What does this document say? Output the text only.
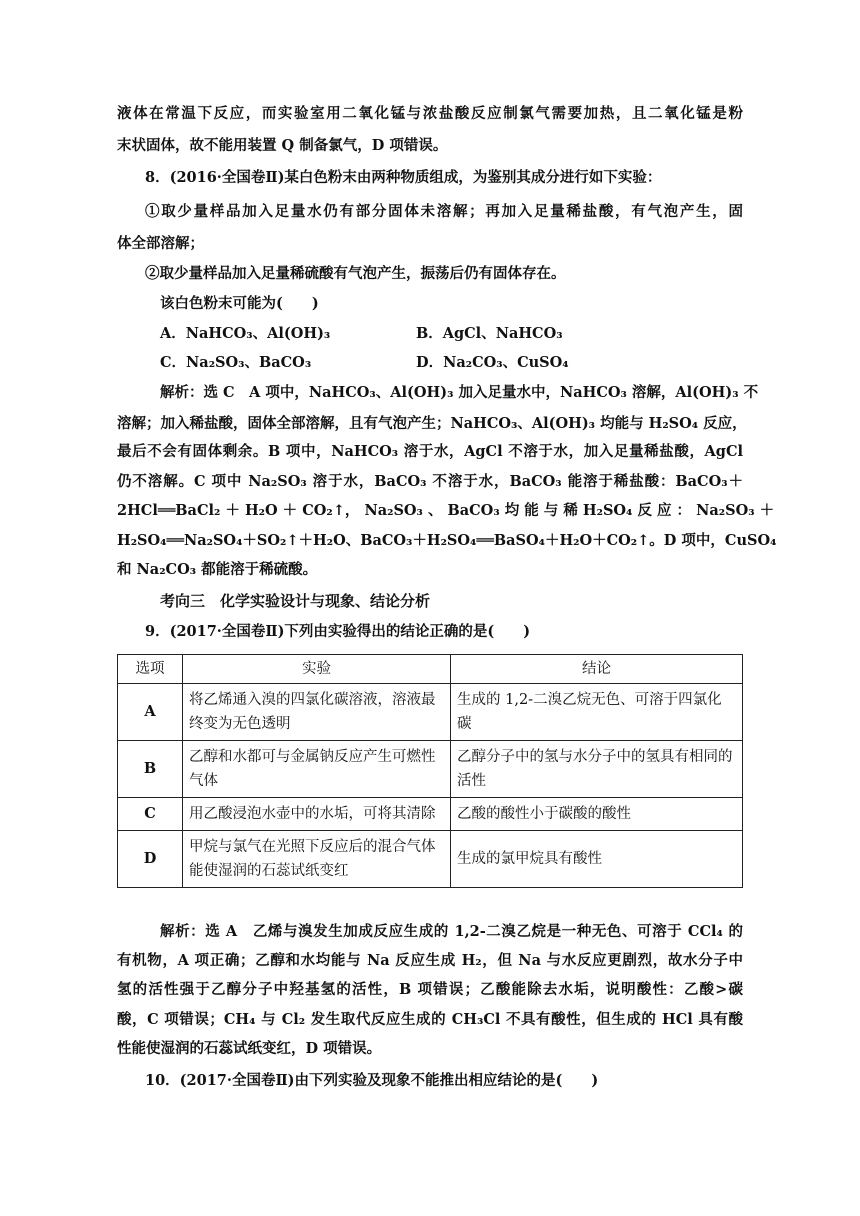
液体在常温下反应，而实验室用二氧化锰与浓盐酸反应制氯气需要加热，且二氧化锰是粉
末状固体，故不能用装置 Q 制备氯气，D 项错误。
8．(2016·全国卷Ⅱ)某白色粉末由两种物质组成，为鉴别其成分进行如下实验：
①取少量样品加入足量水仍有部分固体未溶解；再加入足量稀盐酸，有气泡产生，固
体全部溶解；
②取少量样品加入足量稀硫酸有气泡产生，振荡后仍有固体存在。
该白色粉末可能为(　　)
A．NaHCO₃、Al(OH)₃	B．AgCl、NaHCO₃
C．Na₂SO₃、BaCO₃	D．Na₂CO₃、CuSO₄
解析：选 C　A 项中，NaHCO₃、Al(OH)₃ 加入足量水中，NaHCO₃ 溶解，Al(OH)₃ 不
溶解；加入稀盐酸，固体全部溶解，且有气泡产生；NaHCO₃、Al(OH)₃ 均能与 H₂SO₄ 反应，
最后不会有固体剩余。B 项中，NaHCO₃ 溶于水，AgCl 不溶于水，加入足量稀盐酸，AgCl
仍不溶解。C 项中 Na₂SO₃ 溶于水，BaCO₃ 不溶于水，BaCO₃ 能溶于稀盐酸：BaCO₃＋
2HCl══BaCl₂ ＋ H₂O ＋ CO₂↑， Na₂SO₃ 、 BaCO₃ 均 能 与 稀 H₂SO₄ 反 应 ： Na₂SO₃ ＋
H₂SO₄══Na₂SO₄＋SO₂↑＋H₂O、BaCO₃＋H₂SO₄══BaSO₄＋H₂O＋CO₂↑。D 项中，CuSO₄
和 Na₂CO₃ 都能溶于稀硫酸。
考向三　化学实验设计与现象、结论分析
9．(2017·全国卷Ⅱ)下列由实验得出的结论正确的是(　　)
选项	实验	结论
A	将乙烯通入溴的四氯化碳溶液，溶液最终变为无色透明	生成的 1,2-二溴乙烷无色、可溶于四氯化碳
B	乙醇和水都可与金属钠反应产生可燃性气体	乙醇分子中的氢与水分子中的氢具有相同的活性
C	用乙酸浸泡水壶中的水垢，可将其清除	乙酸的酸性小于碳酸的酸性
D	甲烷与氯气在光照下反应后的混合气体能使湿润的石蕊试纸变红	生成的氯甲烷具有酸性
解析：选 A　乙烯与溴发生加成反应生成的 1,2-二溴乙烷是一种无色、可溶于 CCl₄ 的
有机物，A 项正确；乙醇和水均能与 Na 反应生成 H₂，但 Na 与水反应更剧烈，故水分子中
氢的活性强于乙醇分子中羟基氢的活性，B 项错误；乙酸能除去水垢，说明酸性：乙酸>碳
酸，C 项错误；CH₄ 与 Cl₂ 发生取代反应生成的 CH₃Cl 不具有酸性，但生成的 HCl 具有酸
性能使湿润的石蕊试纸变红，D 项错误。
10．(2017·全国卷Ⅱ)由下列实验及现象不能推出相应结论的是(　　)
